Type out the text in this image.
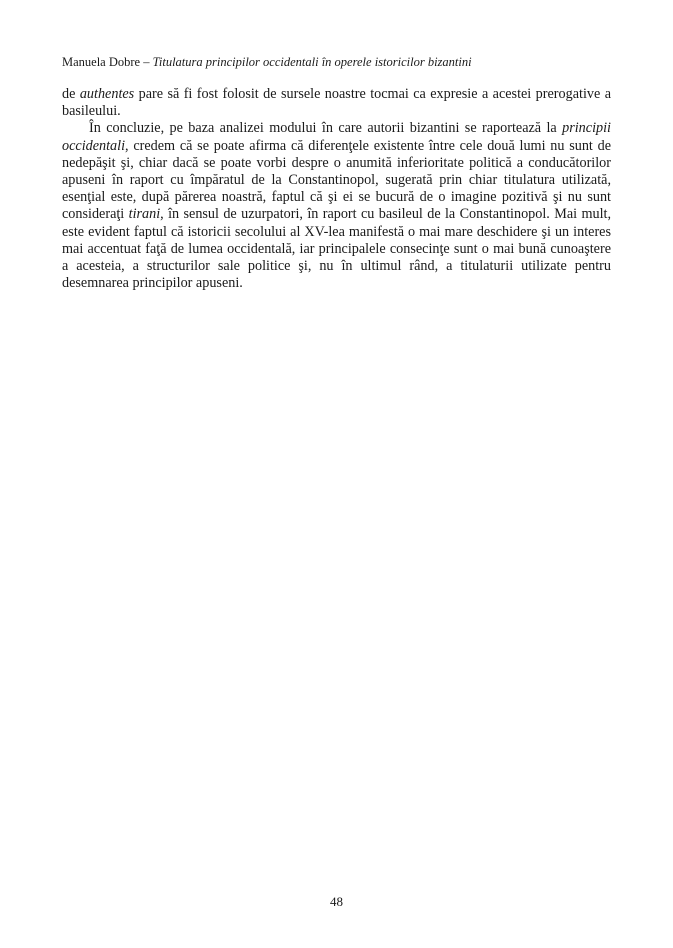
Manuela Dobre – Titulatura principilor occidentali în operele istoricilor bizantini

de authentes pare să fi fost folosit de sursele noastre tocmai ca expresie a acestei prerogative a basileului.

În concluzie, pe baza analizei modului în care autorii bizantini se raportează la principii occidentali, credem că se poate afirma că diferenţele existente între cele două lumi nu sunt de nedepăşit şi, chiar dacă se poate vorbi despre o anumită inferioritate politică a conducătorilor apuseni în raport cu împăratul de la Constantinopol, sugerată prin chiar titulatura utilizată, esenţial este, după părerea noastră, faptul că şi ei se bucură de o imagine pozitivă şi nu sunt consideraţi tirani, în sensul de uzurpatori, în raport cu basileul de la Constantinopol. Mai mult, este evident faptul că istoricii secolului al XV-lea manifestă o mai mare deschidere şi un interes mai accentuat faţă de lumea occidentală, iar principalele consecinţe sunt o mai bună cunoaştere a acesteia, a structurilor sale politice şi, nu în ultimul rând, a titulaturii utilizate pentru desemnarea principilor apuseni.

48
